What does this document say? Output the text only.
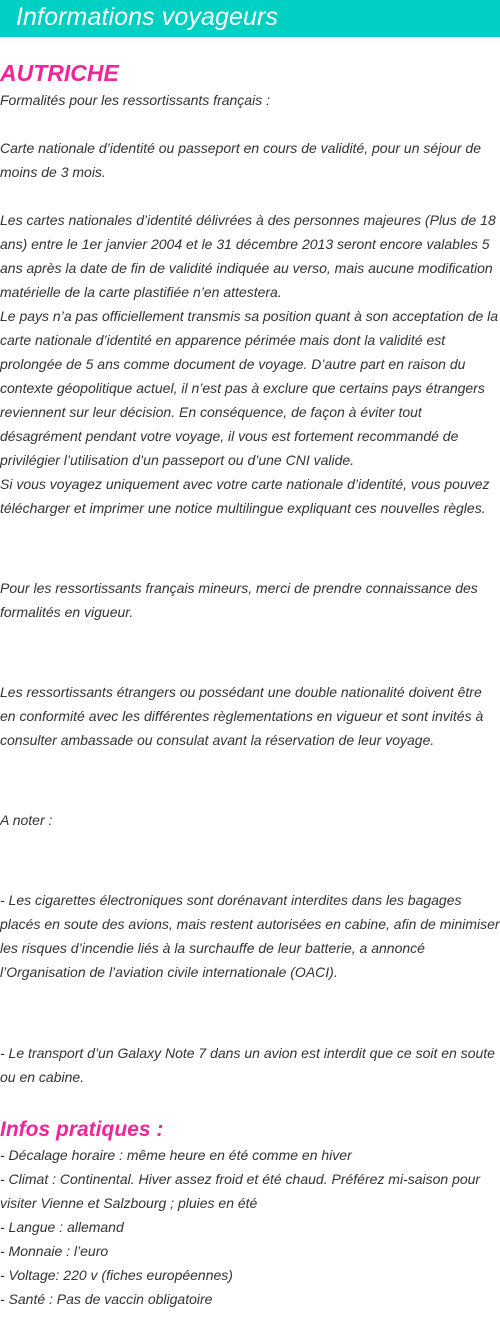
Informations voyageurs
AUTRICHE

Formalités pour les ressortissants français :

Carte nationale d’identité ou passeport en cours de validité, pour un séjour de moins de 3 mois.

Les cartes nationales d’identité délivrées à des personnes majeures (Plus de 18 ans) entre le 1er janvier 2004 et le 31 décembre 2013 seront encore valables 5 ans après la date de fin de validité indiquée au verso, mais aucune modification matérielle de la carte plastifiée n’en attestera.

Le pays n’a pas officiellement transmis sa position quant à son acceptation de la carte nationale d’identité en apparence périmée mais dont la validité est prolongée de 5 ans comme document de voyage. D’autre part en raison du contexte géopolitique actuel, il n’est pas à exclure que certains pays étrangers reviennent sur leur décision. En conséquence, de façon à éviter tout désagrément pendant votre voyage, il vous est fortement recommandé de privilégier l’utilisation d’un passeport ou d’une CNI valide.

Si vous voyagez uniquement avec votre carte nationale d’identité, vous pouvez télécharger et imprimer une notice multilingue expliquant ces nouvelles règles.

Pour les ressortissants français mineurs, merci de prendre connaissance des formalités en vigueur.

Les ressortissants étrangers ou possédant une double nationalité doivent être en conformité avec les différentes règlementations en vigueur et sont invités à consulter ambassade ou consulat avant la réservation de leur voyage.

A noter :

- Les cigarettes électroniques sont dorénavant interdites dans les bagages placés en soute des avions, mais restent autorisées en cabine, afin de minimiser les risques d’incendie liés à la surchauffe de leur batterie, a annoncé l’Organisation de l’aviation civile internationale (OACI).

- Le transport d’un Galaxy Note 7 dans un avion est interdit que ce soit en soute ou en cabine.

Infos pratiques :
- Décalage horaire : même heure en été comme en hiver
- Climat : Continental. Hiver assez froid et été chaud. Préférez mi-saison pour visiter Vienne et Salzbourg ; pluies en été
- Langue : allemand
- Monnaie : l’euro
- Voltage: 220 v (fiches européennes)
- Santé : Pas de vaccin obligatoire
